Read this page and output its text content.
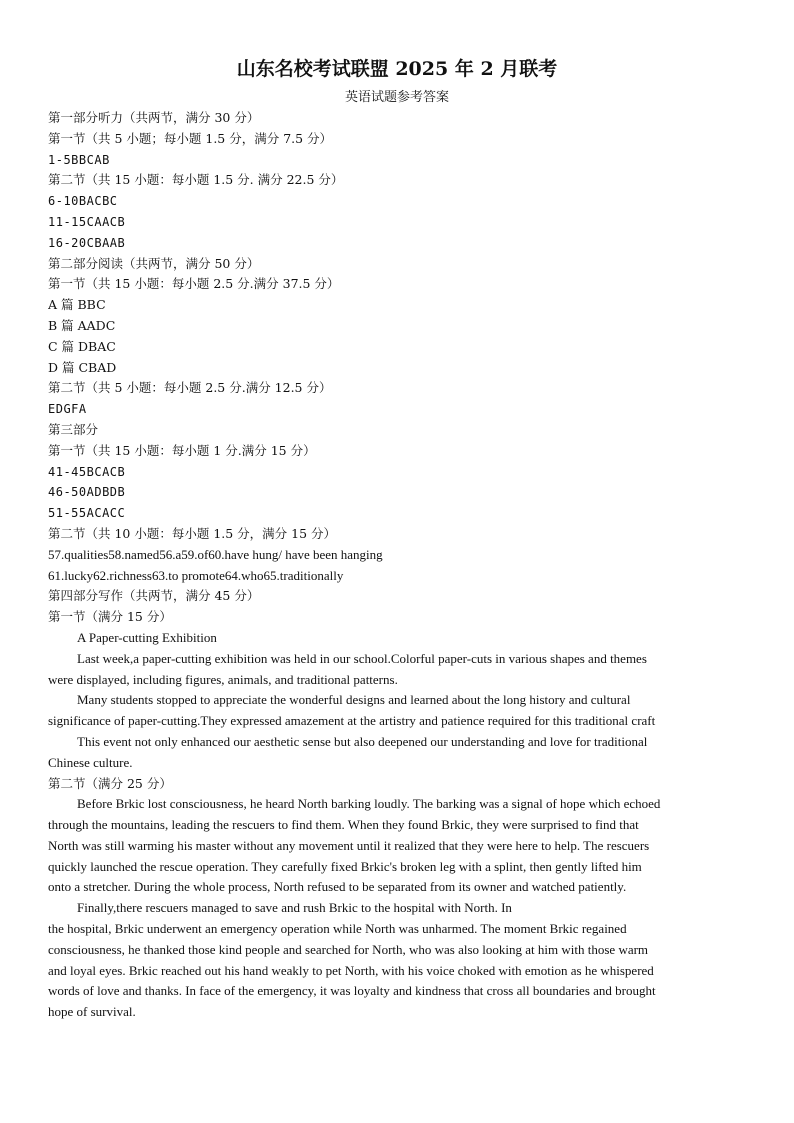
山东名校考试联盟 2025 年 2 月联考
英语试题参考答案
第一部分听力（共两节，满分 30 分）
第一节（共 5 小题；每小题 1.5 分，满分 7.5 分）
1-5BBCAB
第二节（共 15 小题：每小题 1.5 分. 满分 22.5 分）
6-10BACBC
11-15CAACB
16-20CBAAB
第二部分阅读（共两节，满分 50 分）
第一节（共 15 小题：每小题 2.5 分.满分 37.5 分）
A 篇 BBC
B 篇 AADC
C 篇 DBAC
D 篇 CBAD
第二节（共 5 小题：每小题 2.5 分.满分 12.5 分）
EDGFA
第三部分
第一节（共 15 小题：每小题 1 分.满分 15 分）
41-45BCACB
46-50ADBDB
51-55ACACC
第二节（共 10 小题：每小题 1.5 分，满分 15 分）
57.qualities58.named56.a59.of60.have hung/ have been hanging
61.lucky62.richness63.to promote64.who65.traditionally
第四部分写作（共两节，满分 45 分）
第一节（满分 15 分）
A Paper-cutting Exhibition
Last week,a paper-cutting exhibition was held in our school.Colorful paper-cuts in various shapes and themes
were displayed, including figures, animals, and traditional patterns.
Many students stopped to appreciate the wonderful designs and learned about the long history and cultural
significance of paper-cutting.They expressed amazement at the artistry and patience required for this traditional craft
This event not only enhanced our aesthetic sense but also deepened our understanding and love for traditional
Chinese culture.
第二节（满分 25 分）
Before Brkic lost consciousness, he heard North barking loudly. The barking was a signal of hope which echoed
through the mountains, leading the rescuers to find them. When they found Brkic, they were surprised to find that
North was still warming his master without any movement until it realized that they were here to help. The rescuers
quickly launched the rescue operation. They carefully fixed Brkic's broken leg with a splint, then gently lifted him
onto a stretcher. During the whole process, North refused to be separated from its owner and watched patiently.
Finally,there rescuers managed to save and rush Brkic to the hospital with North. In
the hospital, Brkic underwent an emergency operation while North was unharmed. The moment Brkic regained
consciousness, he thanked those kind people and searched for North, who was also looking at him with those warm
and loyal eyes. Brkic reached out his hand weakly to pet North, with his voice choked with emotion as he whispered
words of love and thanks. In face of the emergency, it was loyalty and kindness that cross all boundaries and brought
hope of survival.
